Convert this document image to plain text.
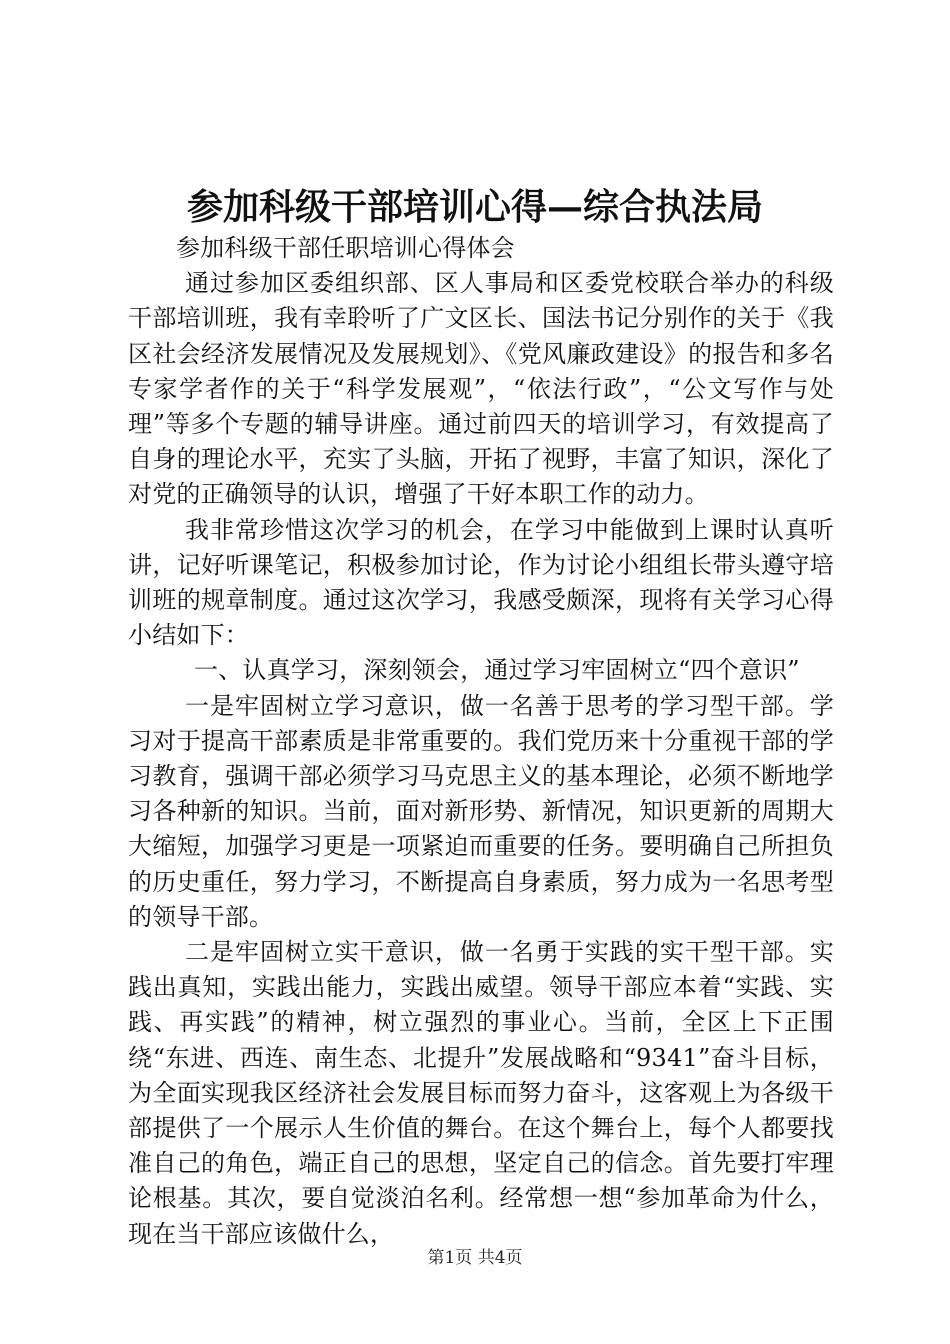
参加科级干部培训心得—综合执法局

参加科级干部任职培训心得体会

通过参加区委组织部、区人事局和区委党校联合举办的科级干部培训班，我有幸聆听了广文区长、国法书记分别作的关于《我区社会经济发展情况及发展规划》、《党风廉政建设》的报告和多名专家学者作的关于“科学发展观”，“依法行政”，“公文写作与处理”等多个专题的辅导讲座。通过前四天的培训学习，有效提高了自身的理论水平，充实了头脑，开拓了视野，丰富了知识，深化了对党的正确领导的认识，增强了干好本职工作的动力。

我非常珍惜这次学习的机会，在学习中能做到上课时认真听讲，记好听课笔记，积极参加讨论，作为讨论小组组长带头遵守培训班的规章制度。通过这次学习，我感受颇深，现将有关学习心得小结如下：

一、认真学习，深刻领会，通过学习牢固树立“四个意识”

一是牢固树立学习意识，做一名善于思考的学习型干部。学习对于提高干部素质是非常重要的。我们党历来十分重视干部的学习教育，强调干部必须学习马克思主义的基本理论，必须不断地学习各种新的知识。当前，面对新形势、新情况，知识更新的周期大大缩短，加强学习更是一项紧迫而重要的任务。要明确自己所担负的历史重任，努力学习，不断提高自身素质，努力成为一名思考型的领导干部。

二是牢固树立实干意识，做一名勇于实践的实干型干部。实践出真知，实践出能力，实践出威望。领导干部应本着“实践、实践、再实践”的精神，树立强烈的事业心。当前，全区上下正围绕“东进、西连、南生态、北提升”发展战略和“9341”奋斗目标，为全面实现我区经济社会发展目标而努力奋斗，这客观上为各级干部提供了一个展示人生价值的舞台。在这个舞台上，每个人都要找准自己的角色，端正自己的思想，坚定自己的信念。首先要打牢理论根基。其次，要自觉淡泊名利。经常想一想“参加革命为什么，现在当干部应该做什么，

第1页 共4页
